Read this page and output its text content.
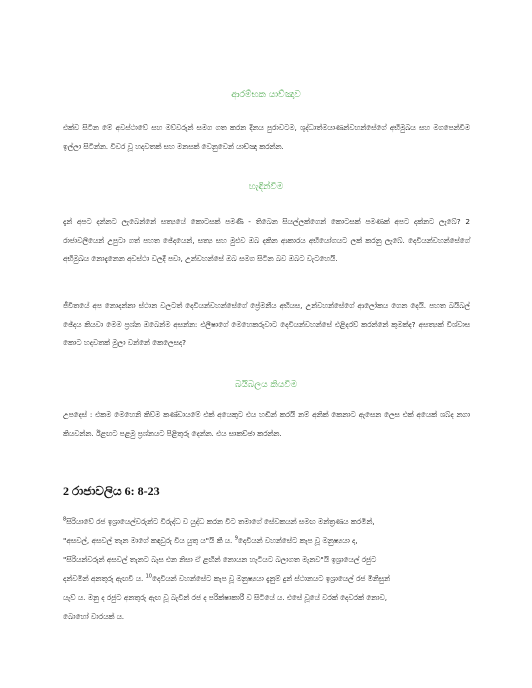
ආරම්භක යාච්ඤාව

එක්ව සිටින මේ අවස්ථාවේ සහ මව්වරුන් සමග ගත කරන දිනය පුරාවටම, ශුද්ධාත්මයාණන්වහන්සේගේ අභිමුඛය සහ මගපෙන්වීම ඉල්ලා සිටින්න. විවර වූ හදවතක් සහ මනසක් වෙනුවෙන් යාච්ඤා කරන්න.

හැඳින්වීම

දැන් අපට දන්නට ලැබෙන්නේ සත්‍යයේ කොටසක් පමණි - තිබෙන සියල්ලක්ගෙන් කොටසක් පමණක් අපට දක්නට ලැබේ? 2 රාජාවලියෙන් උපුටා ගත් පහත ඡේදයෙන්, සත්‍ය සහ මුළුව ඔබ දකින ආකාරය අභියෝගයට ලක් කරනු ලැබේ. දෙවියන්වහන්සේගේ අභිමුඛය නොදැනෙන අවස්ථා වලදී පවා, උන්වහන්සේ ඔබ සමග සිටින බව ඔබට වැටහෙයි.

ජීවිතයේ අප නොදන්නා ස්ථාන වලටත් දෙවියන්වහන්සේගේ ප්‍රේමනීය අභියස, උන්වහන්සේගේ ආලෝකය ගෙන දෙයි. පහත බයිබල් ඡේදය කියවා මෙම ප්‍රශ්න ඔබෙන්ම අසන්න: එලීෂාගේ මෙහෙකරුවාට දෙවියන්වහන්සේ එළිදරව් කරන්නේ කුමක්ද? අසත්‍යක් විශ්වාස කොට හදවතක් මුලා වන්නේ කෙලෙසද?

බයිබලය කියවීම

උපදෙස් : එකම මෙහෙනි කිව්ම කණ්ඩායමේ එක් අයෙකුට එය හඬින් කරයි නම් අනික් කෙනාට ඇසෙන ලෙස එක් අයෙක් ශබ්ද නගා කියවන්න. ඊළඟට පළමු ප්‍රශ්නයට පිළිතුරු දෙන්න. එය සාකච්ඡා කරන්න.

2 රාජාවලිය 6: 8-23
$^8$සිරියාවේ රජ ඉශ්‍රායෙල්වරුන්ට විරුද්ධ ව යුද්ධ කරන විට තමාගේ සේවකයන් සමඟ මන්ත්‍රණය කරමින්,
"අසවල්, අසවල් තැන මාගේ කඳවුරු විය යුතු ය"යි කී ය. $^9$දෙවියන් වහන්සේට කැප වූ මනුෂ්‍යයා ද,
"සිරියන්වරුන් අසවල් තැනට බැස එන නිසා ඒ ළඟින් නොයන හැටියට බලාගත මැනව"යි ඉශ්‍රායෙල් රජුට
දන්වමින් අනතුරු ඇඟවී ය. $^{10}$දෙවියන් වහන්සේට කැප වූ මනුෂ්‍යයා දැනුම් දුන් ස්ථානයට ඉශ්‍රායෙල් රජ මිනිසුන්
යැව් ය. මනු ද රජුට අනතුරු ඇඟ වූ බැවින් රජ ද පරික්ෂාකාරී ව සිටියේ ය. එසේ වූයේ වරක් දෙවරක් නොව,
බොහෝ වාරයක් ය.
